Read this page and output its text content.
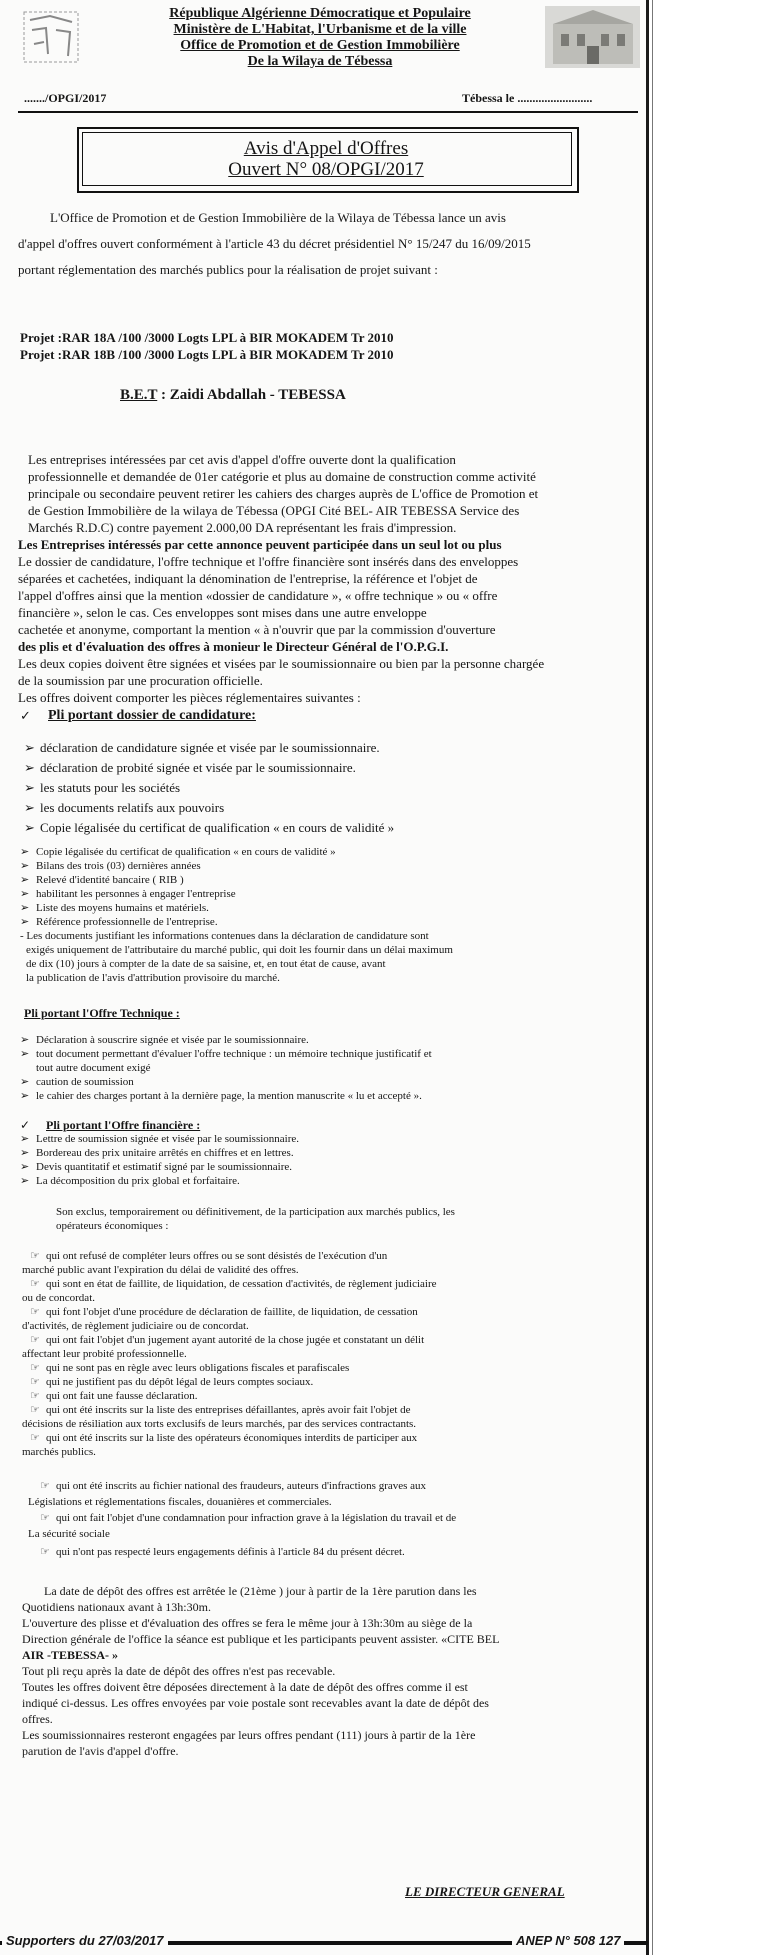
République Algérienne Démocratique et Populaire
Ministère de L'Habitat, l'Urbanisme et de la ville
Office de Promotion et de Gestion Immobilière
De la Wilaya de Tébessa
......./OPGI/2017	Tébessa le .........................
Avis d'Appel d'Offres
Ouvert N° 08/OPGI/2017
L'Office de Promotion et de Gestion Immobilière de la Wilaya de Tébessa lance un avis
d'appel d'offres ouvert conformément à l'article 43 du décret présidentiel N° 15/247 du 16/09/2015
portant réglementation des marchés publics pour la réalisation de projet suivant :
Projet :RAR 18A /100 /3000 Logts LPL à BIR MOKADEM Tr 2010
Projet :RAR 18B /100 /3000 Logts LPL à BIR MOKADEM Tr 2010
B.E.T : Zaidi Abdallah - TEBESSA
Les entreprises intéressées par cet avis d'appel d'offre ouverte dont la qualification
professionnelle et demandée de 01er catégorie et plus au domaine de construction comme activité
principale ou secondaire peuvent retirer les cahiers des charges auprès de L'office de Promotion et
de Gestion Immobilière de la wilaya de Tébessa (OPGI Cité BEL- AIR TEBESSA Service des
Marchés R.D.C) contre payement 2.000,00 DA représentant les frais d'impression.
Les Entreprises intéressés par cette annonce peuvent participée dans un seul lot ou plus
Le dossier de candidature, l'offre technique et l'offre financière sont insérés dans des enveloppes
séparées et cachetées, indiquant la dénomination de l'entreprise, la référence et l'objet de
l'appel d'offres ainsi que la mention «dossier de candidature », « offre technique » ou « offre
financière », selon le cas. Ces enveloppes sont mises dans une autre enveloppe
cachetée et anonyme, comportant la mention « à n'ouvrir que par la commission d'ouverture
des plis et d'évaluation des offres à monieur le Directeur Général de l'O.P.G.I.
Les deux copies doivent être signées et visées par le soumissionnaire ou bien par la personne chargée
de la soumission par une procuration officielle.
Les offres doivent comporter les pièces réglementaires suivantes :
✓ Pli portant dossier de candidature:
➢ déclaration de candidature signée et visée par le soumissionnaire.
➢ déclaration de probité signée et visée par le soumissionnaire.
➢ les statuts pour les sociétés
➢ les documents relatifs aux pouvoirs
➢ Copie légalisée du certificat de qualification « en cours de validité »
➢ Copie légalisée du certificat de qualification « en cours de validité »
➢ Bilans des trois (03) dernières années
➢ Relevé d'identité bancaire ( RIB )
➢ habilitant les personnes à engager l'entreprise
➢ Liste des moyens humains et matériels.
➢ Référence professionnelle de l'entreprise.
- Les documents justifiant les informations contenues dans la déclaration de candidature sont
exigés uniquement de l'attributaire du marché public, qui doit les fournir dans un délai maximum
de dix (10) jours à compter de la date de sa saisine, et, en tout état de cause, avant
la publication de l'avis d'attribution provisoire du marché.
Pli portant l'Offre Technique :
➢ Déclaration à souscrire signée et visée par le soumissionnaire.
➢ tout document permettant d'évaluer l'offre technique : un mémoire technique justificatif et
tout autre document exigé
➢ caution de soumission
➢ le cahier des charges portant à la dernière page, la mention manuscrite « lu et accepté ».
✓ Pli portant l'Offre financière :
➢ Lettre de soumission signée et visée par le soumissionnaire.
➢ Bordereau des prix unitaire arrêtés en chiffres et en lettres.
➢ Devis quantitatif et estimatif signé par le soumissionnaire.
➢ La décomposition du prix global et forfaitaire.
Son exclus, temporairement ou définitivement, de la participation aux marchés publics, les
opérateurs économiques :
☞ qui ont refusé de compléter leurs offres ou se sont désistés de l'exécution d'un
marché public avant l'expiration du délai de validité des offres.
☞ qui sont en état de faillite, de liquidation, de cessation d'activités, de règlement judiciaire
ou de concordat.
☞ qui font l'objet d'une procédure de déclaration de faillite, de liquidation, de cessation
d'activités, de règlement judiciaire ou de concordat.
☞ qui ont fait l'objet d'un jugement ayant autorité de la chose jugée et constatant un délit
affectant leur probité professionnelle.
☞ qui ne sont pas en règle avec leurs obligations fiscales et parafiscales
☞ qui ne justifient pas du dépôt légal de leurs comptes sociaux.
☞ qui ont fait une fausse déclaration.
☞ qui ont été inscrits sur la liste des entreprises défaillantes, après avoir fait l'objet de
décisions de résiliation aux torts exclusifs de leurs marchés, par des services contractants.
☞ qui ont été inscrits sur la liste des opérateurs économiques interdits de participer aux
marchés publics.
☞ qui ont été inscrits au fichier national des fraudeurs, auteurs d'infractions graves aux
Législations et réglementations fiscales, douanières et commerciales.
☞ qui ont fait l'objet d'une condamnation pour infraction grave à la législation du travail et de
La sécurité sociale
☞ qui n'ont pas respecté leurs engagements définis à l'article 84 du présent décret.
La date de dépôt des offres est arrêtée le (21ème ) jour à partir de la 1ère parution dans les
Quotidiens nationaux avant à 13h:30m.
L'ouverture des plisse et d'évaluation des offres se fera le même jour à 13h:30m au siège de la
Direction générale de l'office la séance est publique et les participants peuvent assister. «CITE BEL
AIR -TEBESSA- »
Tout pli reçu après la date de dépôt des offres n'est pas recevable.
Toutes les offres doivent être déposées directement à la date de dépôt des offres comme il est
indiqué ci-dessus. Les offres envoyées par voie postale sont recevables avant la date de dépôt des
offres.
Les soumissionnaires resteront engagées par leurs offres pendant (111) jours à partir de la 1ère
parution de l'avis d'appel d'offre.
LE DIRECTEUR GENERAL
Supporters du 27/03/2017	ANEP N° 508 127
